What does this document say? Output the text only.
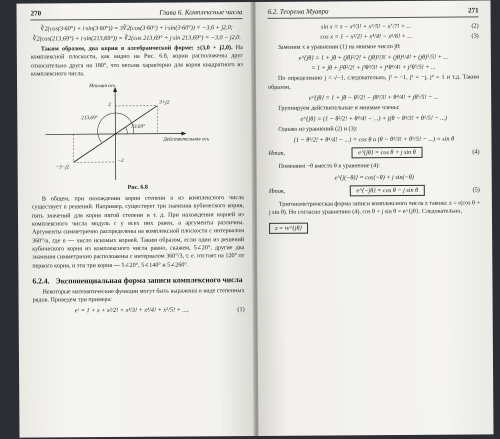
270	Глава 6. Комплексные числа
∛2(cos(3·60°) + i·sin(3·60°)) = 3∛2(cos(3·60°) + i·sin(3·60°)) = −3,6 + j2,0;
∛2(cos(213,69°) + i·sin(213,69°)) = ∛2(cos 213,69° + j·sin 213,69°) = −3,0 − j2,0.

Таким образом, два корня в алгебраической форме: ±(3,0 + j2,0). На комплексной плоскости, как видно на Рис. 6.8, корни расположены друг относительно друга на 180°, что весьма характерно для корня квадратного из комплексного числа.

Мнимая ось
Действительная ось
3+j2
33.69°
213.69°
2
−2
−3−j2
Рис. 6.8

В общем, при нахождении корня степени n из комплексного числа существует n решений. Например, существует три значения кубического корня, пять значений для корня пятой степени и т. д. При нахождении корней из комплексного числа модуль r у всех них равен, а аргументы различны. Аргументы симметрично распределены на комплексной плоскости с интервалом 360°/n, где n — число искомых корней. Таким образом, если один из решений кубического корня из комплексного числа равно, скажем, 5∠20°, другие два значения симметрично расположены с интервалом 360°/3, т. е. отстоят на 120° от первого корня, и эти три корня — 5∠20°, 5∠140° и 5∠260°.

6.2.4. Экспоненциальная форма записи комплексного числа

Некоторые математические функции могут быть выражены в виде степенных рядов. Приведем три примера:

eˣ = 1 + x + x²/2! + x³/3! + x⁴/4! + x⁵/5! + ...,	(1)
6.2. Теорема Муавра	271
sin x = x − x³/3! + x⁵/5! − x⁷/7! + ...	(2)
cos x = 1 − x²/2! + x⁴/4! − x⁶/6! + ...	(3)

Заменим x в уравнении (1) на мнимое число jθ:

e^{jθ} = 1 + jθ + (jθ)²/2! + (jθ)³/3! + (jθ)⁴/4! + (jθ)⁵/5! + ...
= 1 + jθ + j²θ²/2! + j³θ³/3! + j⁴θ⁴/4! + j⁵θ⁵/5! + ...

По определению j = √−1, следовательно, j² = −1, j³ = −j, j⁴ = 1 и т.д. Таким образом,

e^{jθ} = 1 + jθ − θ²/2! − jθ³/3! + θ⁴/4! + jθ⁵/5! − ...

Группируем действительные и мнимые члены:

e^{jθ} = (1 − θ²/2! + θ⁴/4! − ...) + j(θ − θ³/3! + θ⁵/5! − ...)

Однако из уравнений (2) и (3):

(1 − θ²/2! + θ⁴/4! − ...) = cos θ и (θ − θ³/3! + θ⁵/5! − ...) = sin θ
Итак,	e^{jθ} = cos θ + j sin θ	(4)

Поменяем −θ вместо θ в уравнение (4):

e^{j(−θ)} = cos(−θ) + j sin(−θ)
Итак,	e^{−jθ} = cos θ − j sin θ	(5)

Тригонометрическая форма записи комплексного числа z такова: z = r(cos θ + j sin θ). Но согласно уравнению (4), cos θ + j sin θ = e^{jθ}. Следовательно,

z = re^{jθ}
